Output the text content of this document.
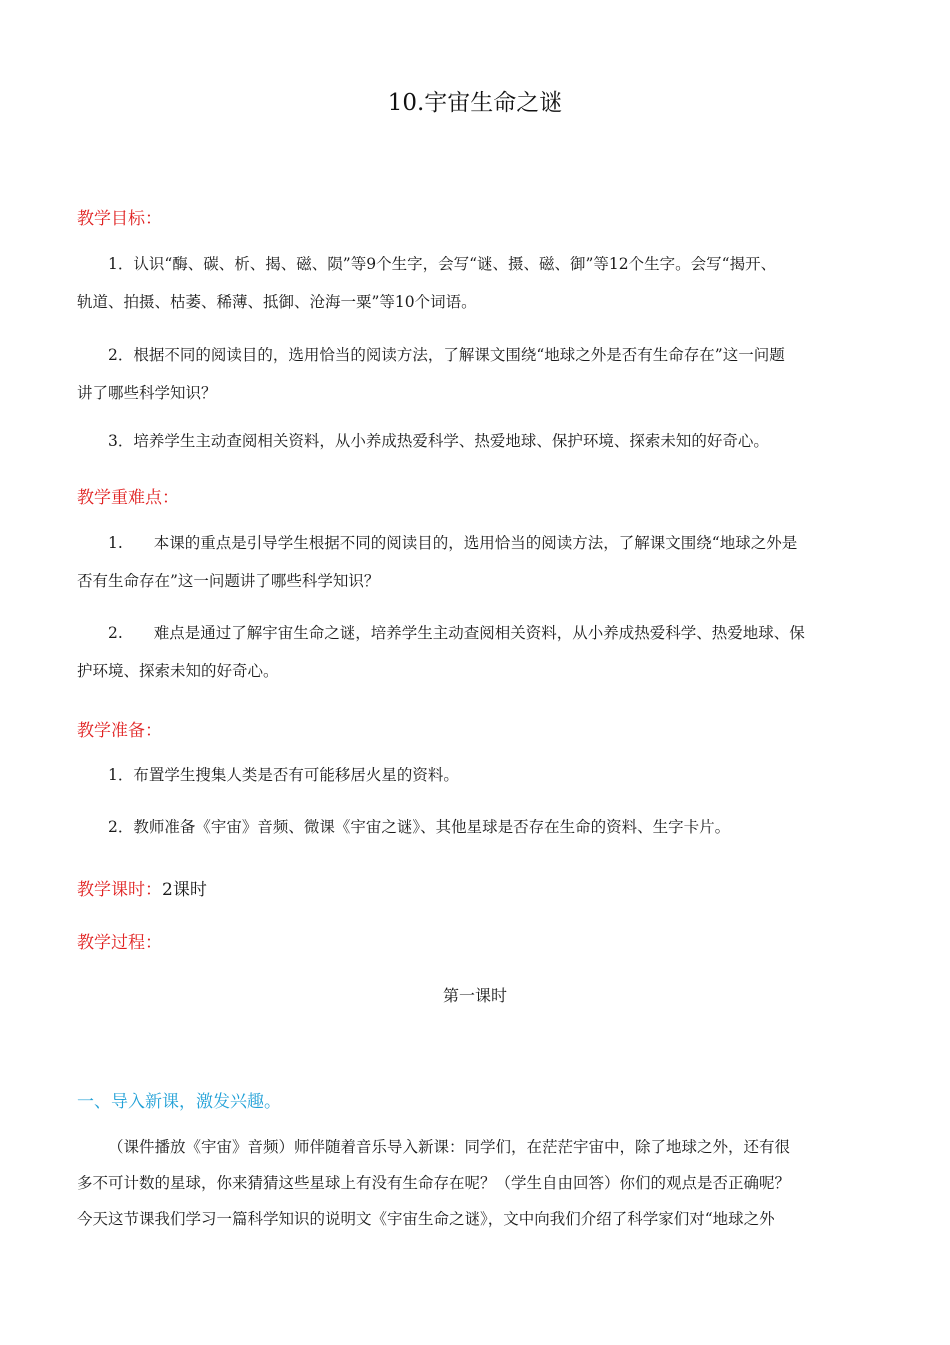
10.宇宙生命之谜
教学目标：
1．认识“酶、碳、析、揭、磁、陨”等9个生字，会写“谜、摄、磁、御”等12个生字。会写“揭开、
轨道、拍摄、枯萎、稀薄、抵御、沧海一粟”等10个词语。
2．根据不同的阅读目的，选用恰当的阅读方法，了解课文围绕“地球之外是否有生命存在”这一问题
讲了哪些科学知识？
3．培养学生主动查阅相关资料，从小养成热爱科学、热爱地球、保护环境、探索未知的好奇心。
教学重难点：
1.　　本课的重点是引导学生根据不同的阅读目的，选用恰当的阅读方法，了解课文围绕“地球之外是
否有生命存在”这一问题讲了哪些科学知识？
2.　　难点是通过了解宇宙生命之谜，培养学生主动查阅相关资料，从小养成热爱科学、热爱地球、保
护环境、探索未知的好奇心。
教学准备：
1．布置学生搜集人类是否有可能移居火星的资料。
2．教师准备《宇宙》音频、微课《宇宙之谜》、其他星球是否存在生命的资料、生字卡片。
教学课时：2课时
教学过程：
第一课时
一、导入新课，激发兴趣。
（课件播放《宇宙》音频）师伴随着音乐导入新课：同学们，在茫茫宇宙中，除了地球之外，还有很
多不可计数的星球，你来猜猜这些星球上有没有生命存在呢？（学生自由回答）你们的观点是否正确呢？
今天这节课我们学习一篇科学知识的说明文《宇宙生命之谜》，文中向我们介绍了科学家们对“地球之外
